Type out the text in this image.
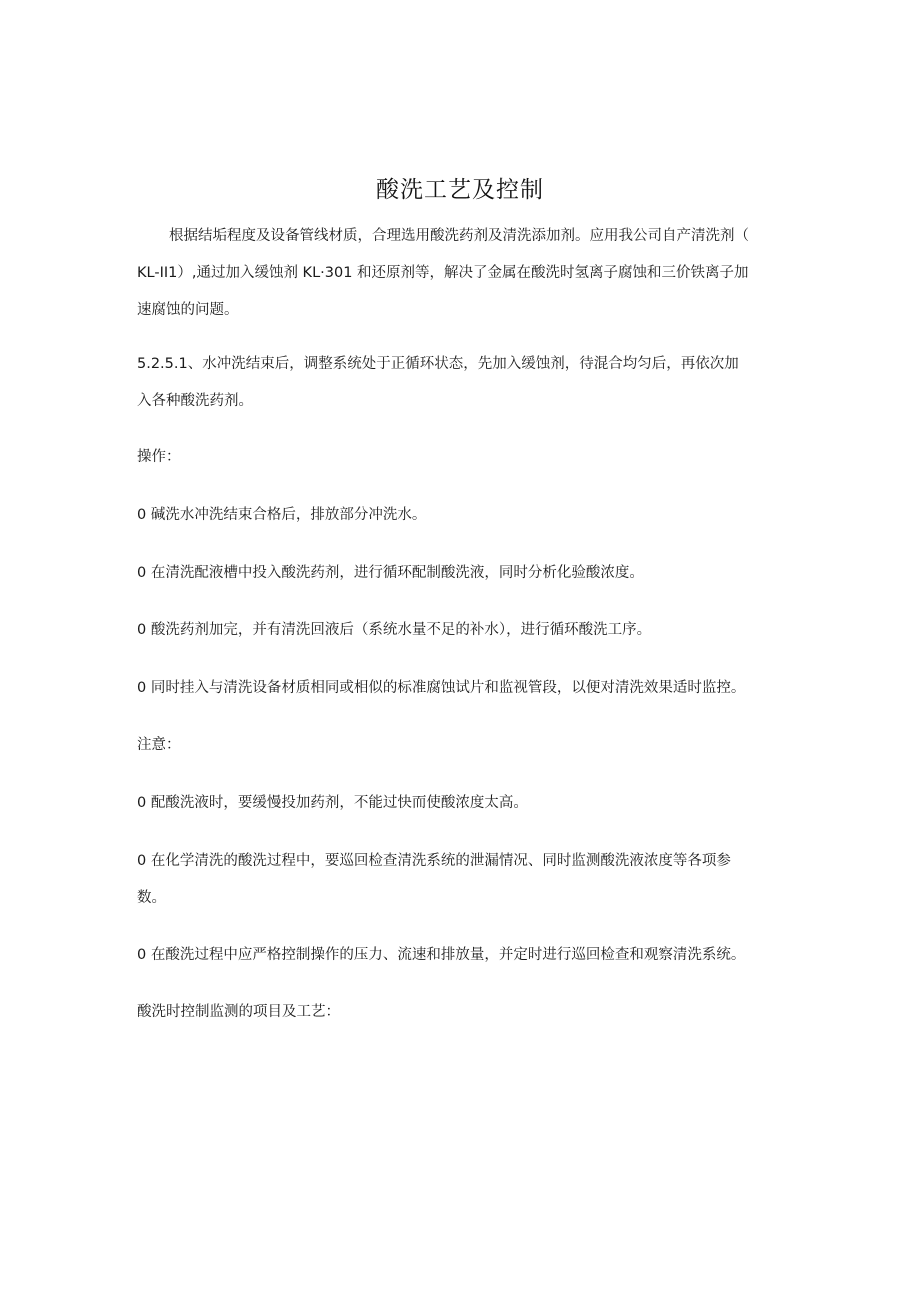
酸洗工艺及控制

根据结垢程度及设备管线材质，合理选用酸洗药剂及清洗添加剂。应用我公司自产清洗剂（
KL-II1）,通过加入缓蚀剂 KL·301 和还原剂等，解决了金属在酸洗时氢离子腐蚀和三价铁离子加
速腐蚀的问题。

5.2.5.1、水冲洗结束后，调整系统处于正循环状态，先加入缓蚀剂，待混合均匀后，再依次加
入各种酸洗药剂。

操作：

0 碱洗水冲洗结束合格后，排放部分冲洗水。

0 在清洗配液槽中投入酸洗药剂，进行循环配制酸洗液，同时分析化验酸浓度。

0 酸洗药剂加完，并有清洗回液后（系统水量不足的补水），进行循环酸洗工序。

0 同时挂入与清洗设备材质相同或相似的标准腐蚀试片和监视管段，以便对清洗效果适时监控。

注意：

0 配酸洗液时，要缓慢投加药剂，不能过快而使酸浓度太高。

0 在化学清洗的酸洗过程中，要巡回检查清洗系统的泄漏情况、同时监测酸洗液浓度等各项参
数。

0 在酸洗过程中应严格控制操作的压力、流速和排放量，并定时进行巡回检查和观察清洗系统。

酸洗时控制监测的项目及工艺：
